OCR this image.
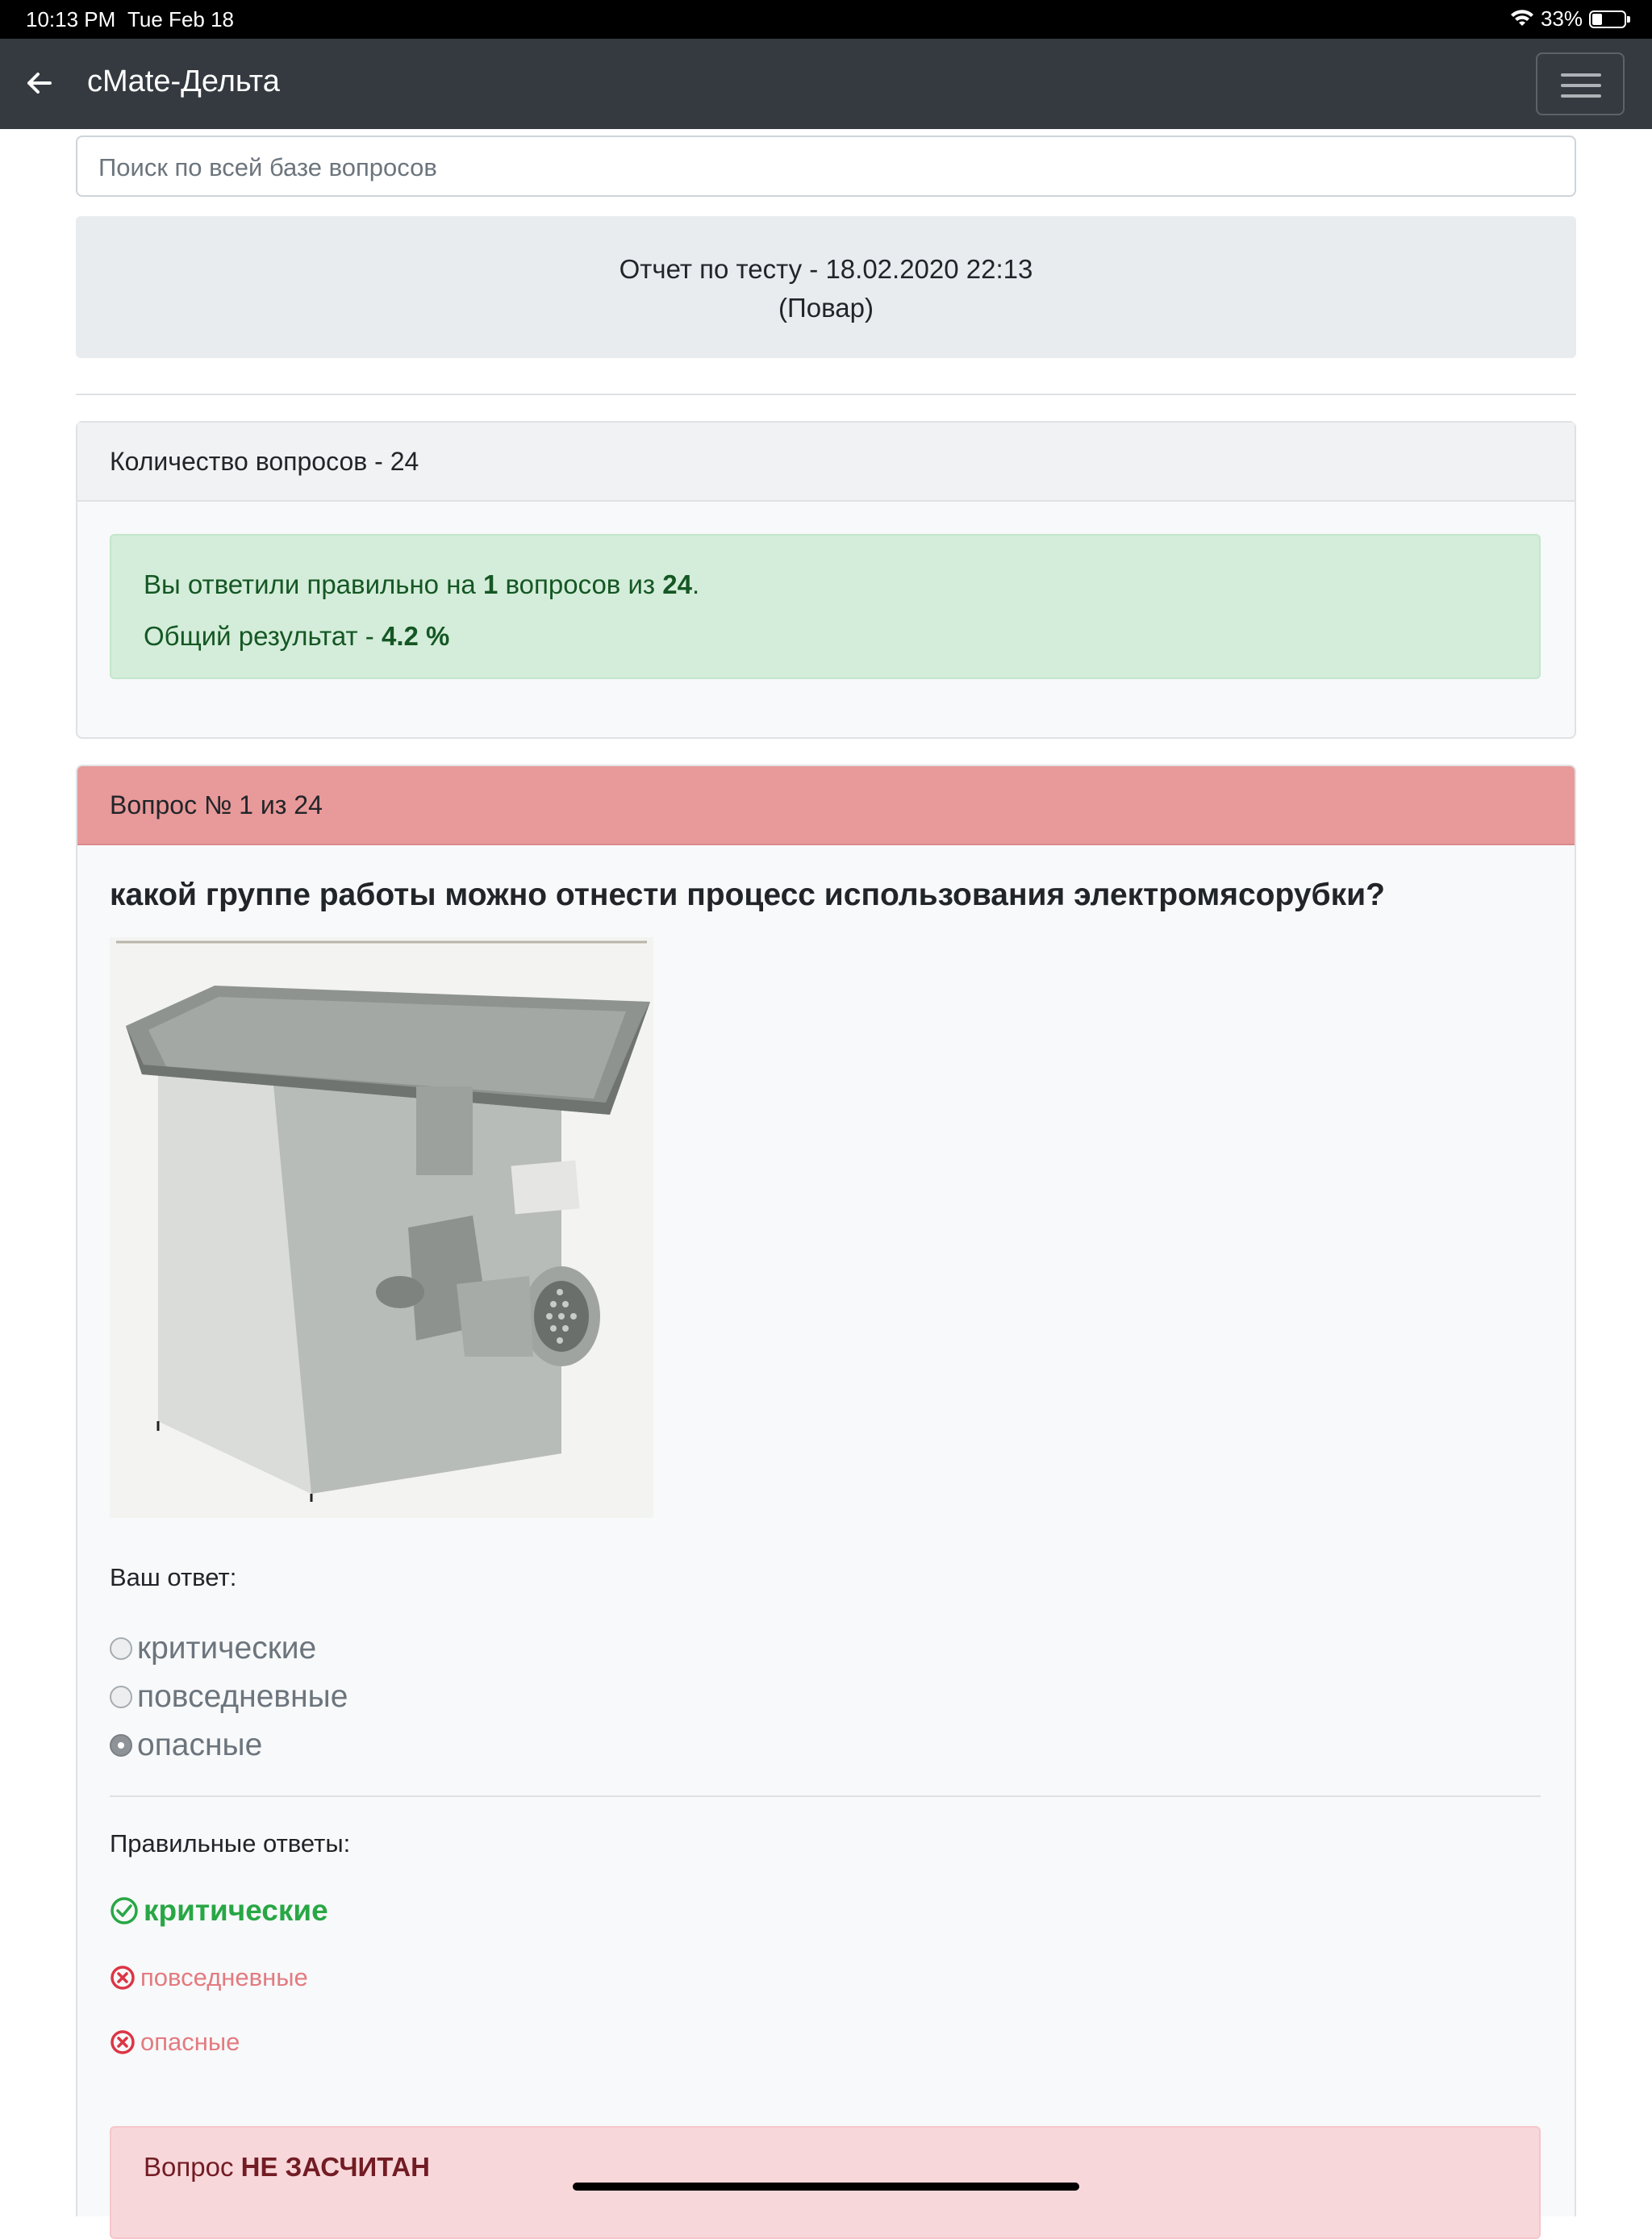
10:13 PM Tue Feb 18	33%
cMate-Дельта
Поиск по всей базе вопросов
Отчет по тесту - 18.02.2020 22:13
(Повар)
Количество вопросов - 24
Вы ответили правильно на 1 вопросов из 24.
Общий результат - 4.2 %
Вопрос № 1 из 24
какой группе работы можно отнести процесс использования электромясорубки?
Ваш ответ:
критические
повседневные
опасные
Правильные ответы:
критические
повседневные
опасные
Вопрос НЕ ЗАСЧИТАН
